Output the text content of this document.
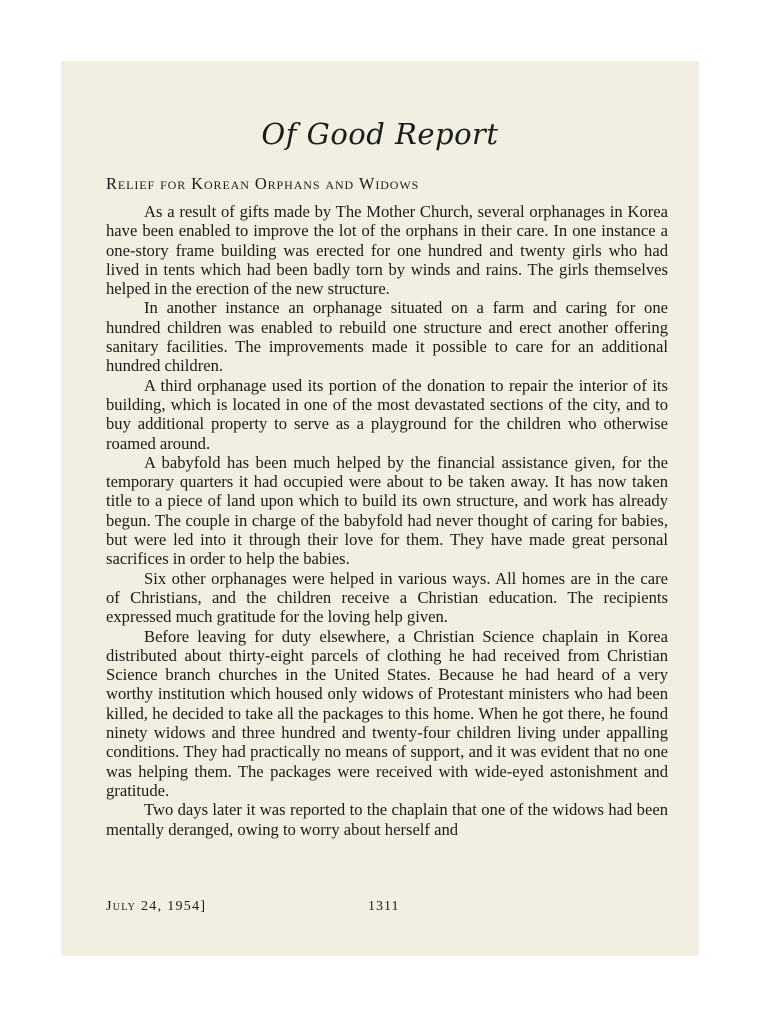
Of Good Report
Relief for Korean Orphans and Widows

As a result of gifts made by The Mother Church, several orphanages in Korea have been enabled to improve the lot of the orphans in their care. In one instance a one-story frame building was erected for one hundred and twenty girls who had lived in tents which had been badly torn by winds and rains. The girls themselves helped in the erection of the new structure.

In another instance an orphanage situated on a farm and caring for one hundred children was enabled to rebuild one structure and erect another offering sanitary facilities. The improvements made it possible to care for an additional hundred children.

A third orphanage used its portion of the donation to repair the interior of its building, which is located in one of the most devastated sections of the city, and to buy additional property to serve as a playground for the children who otherwise roamed around.

A babyfold has been much helped by the financial assistance given, for the temporary quarters it had occupied were about to be taken away. It has now taken title to a piece of land upon which to build its own structure, and work has already begun. The couple in charge of the babyfold had never thought of caring for babies, but were led into it through their love for them. They have made great personal sacrifices in order to help the babies.

Six other orphanages were helped in various ways. All homes are in the care of Christians, and the children receive a Christian education. The recipients expressed much gratitude for the loving help given.

Before leaving for duty elsewhere, a Christian Science chaplain in Korea distributed about thirty-eight parcels of clothing he had received from Christian Science branch churches in the United States. Because he had heard of a very worthy institution which housed only widows of Protestant ministers who had been killed, he decided to take all the packages to this home. When he got there, he found ninety widows and three hundred and twenty-four children living under appalling conditions. They had practically no means of support, and it was evident that no one was helping them. The packages were received with wide-eyed astonishment and gratitude.

Two days later it was reported to the chaplain that one of the widows had been mentally deranged, owing to worry about herself and

July 24, 1954]	1311
